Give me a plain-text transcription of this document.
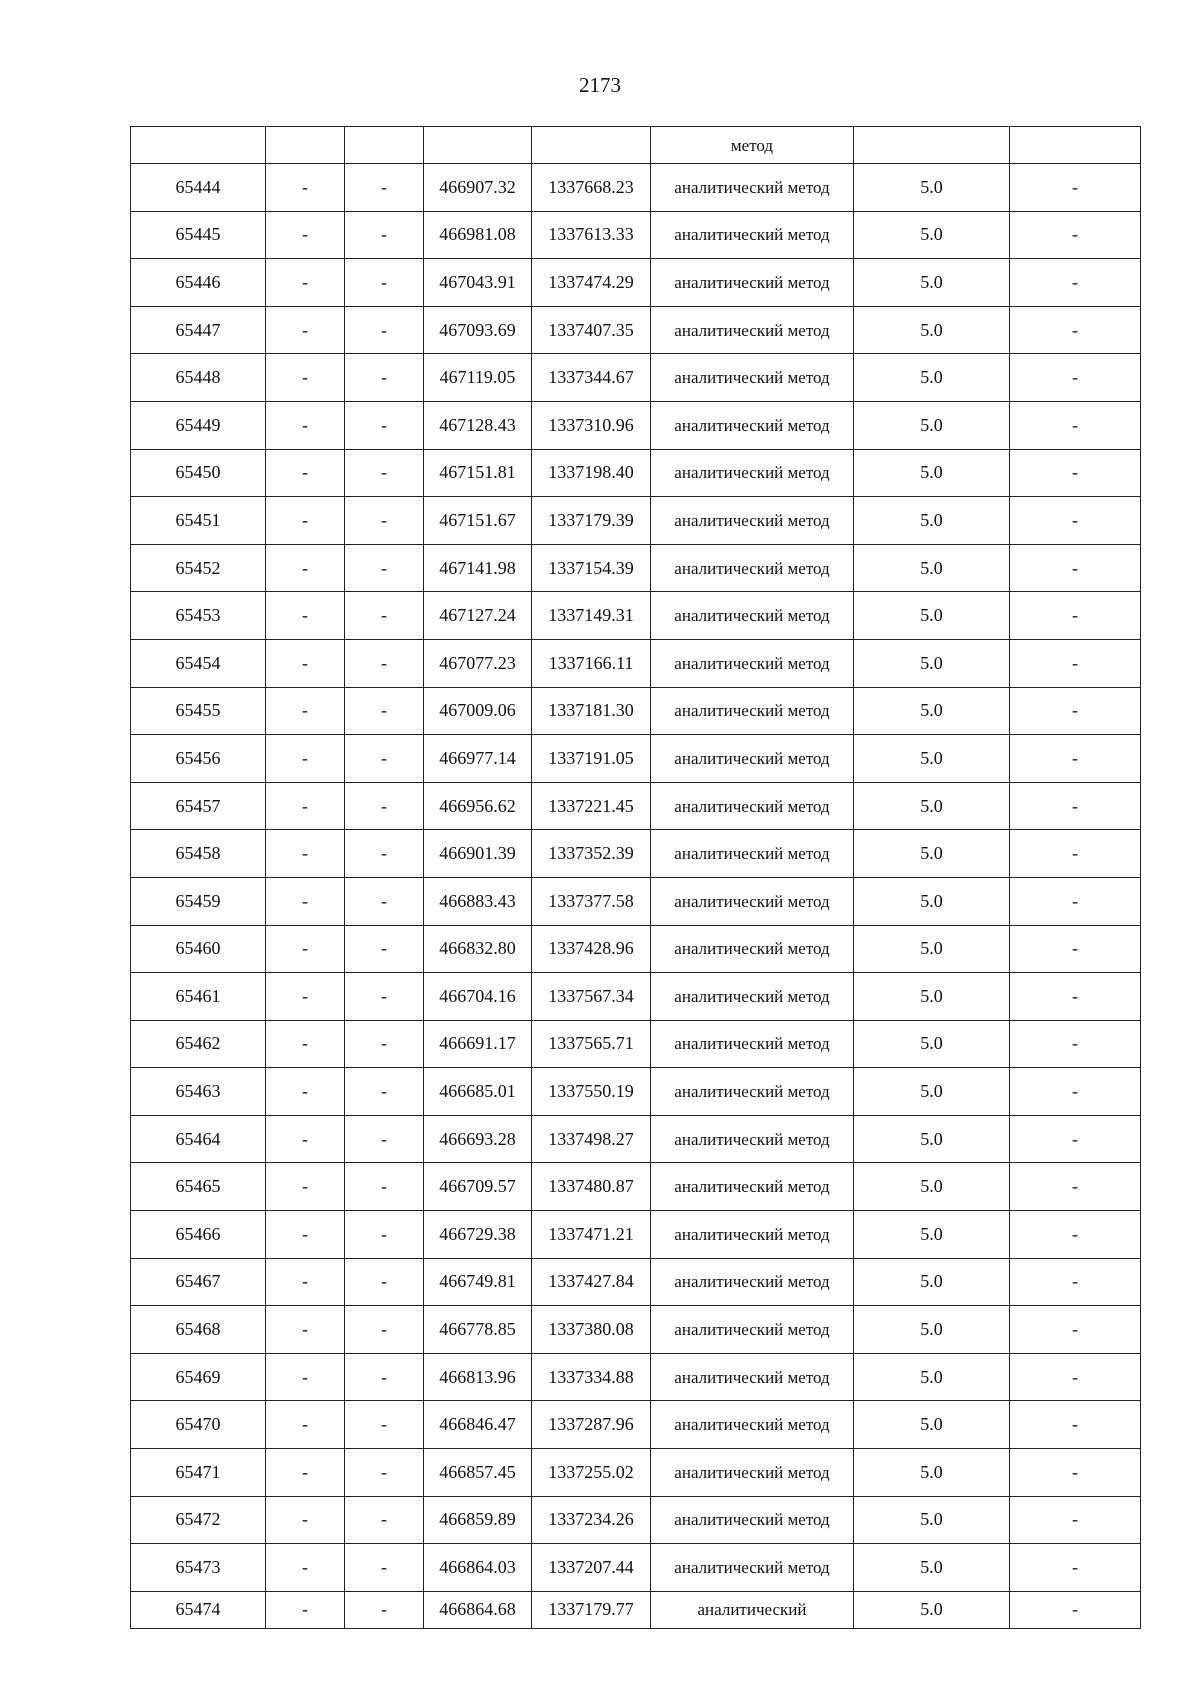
2173
					метод		
65444	-	-	466907.32	1337668.23	аналитический метод	5.0	-
65445	-	-	466981.08	1337613.33	аналитический метод	5.0	-
65446	-	-	467043.91	1337474.29	аналитический метод	5.0	-
65447	-	-	467093.69	1337407.35	аналитический метод	5.0	-
65448	-	-	467119.05	1337344.67	аналитический метод	5.0	-
65449	-	-	467128.43	1337310.96	аналитический метод	5.0	-
65450	-	-	467151.81	1337198.40	аналитический метод	5.0	-
65451	-	-	467151.67	1337179.39	аналитический метод	5.0	-
65452	-	-	467141.98	1337154.39	аналитический метод	5.0	-
65453	-	-	467127.24	1337149.31	аналитический метод	5.0	-
65454	-	-	467077.23	1337166.11	аналитический метод	5.0	-
65455	-	-	467009.06	1337181.30	аналитический метод	5.0	-
65456	-	-	466977.14	1337191.05	аналитический метод	5.0	-
65457	-	-	466956.62	1337221.45	аналитический метод	5.0	-
65458	-	-	466901.39	1337352.39	аналитический метод	5.0	-
65459	-	-	466883.43	1337377.58	аналитический метод	5.0	-
65460	-	-	466832.80	1337428.96	аналитический метод	5.0	-
65461	-	-	466704.16	1337567.34	аналитический метод	5.0	-
65462	-	-	466691.17	1337565.71	аналитический метод	5.0	-
65463	-	-	466685.01	1337550.19	аналитический метод	5.0	-
65464	-	-	466693.28	1337498.27	аналитический метод	5.0	-
65465	-	-	466709.57	1337480.87	аналитический метод	5.0	-
65466	-	-	466729.38	1337471.21	аналитический метод	5.0	-
65467	-	-	466749.81	1337427.84	аналитический метод	5.0	-
65468	-	-	466778.85	1337380.08	аналитический метод	5.0	-
65469	-	-	466813.96	1337334.88	аналитический метод	5.0	-
65470	-	-	466846.47	1337287.96	аналитический метод	5.0	-
65471	-	-	466857.45	1337255.02	аналитический метод	5.0	-
65472	-	-	466859.89	1337234.26	аналитический метод	5.0	-
65473	-	-	466864.03	1337207.44	аналитический метод	5.0	-
65474	-	-	466864.68	1337179.77	аналитический	5.0	-
